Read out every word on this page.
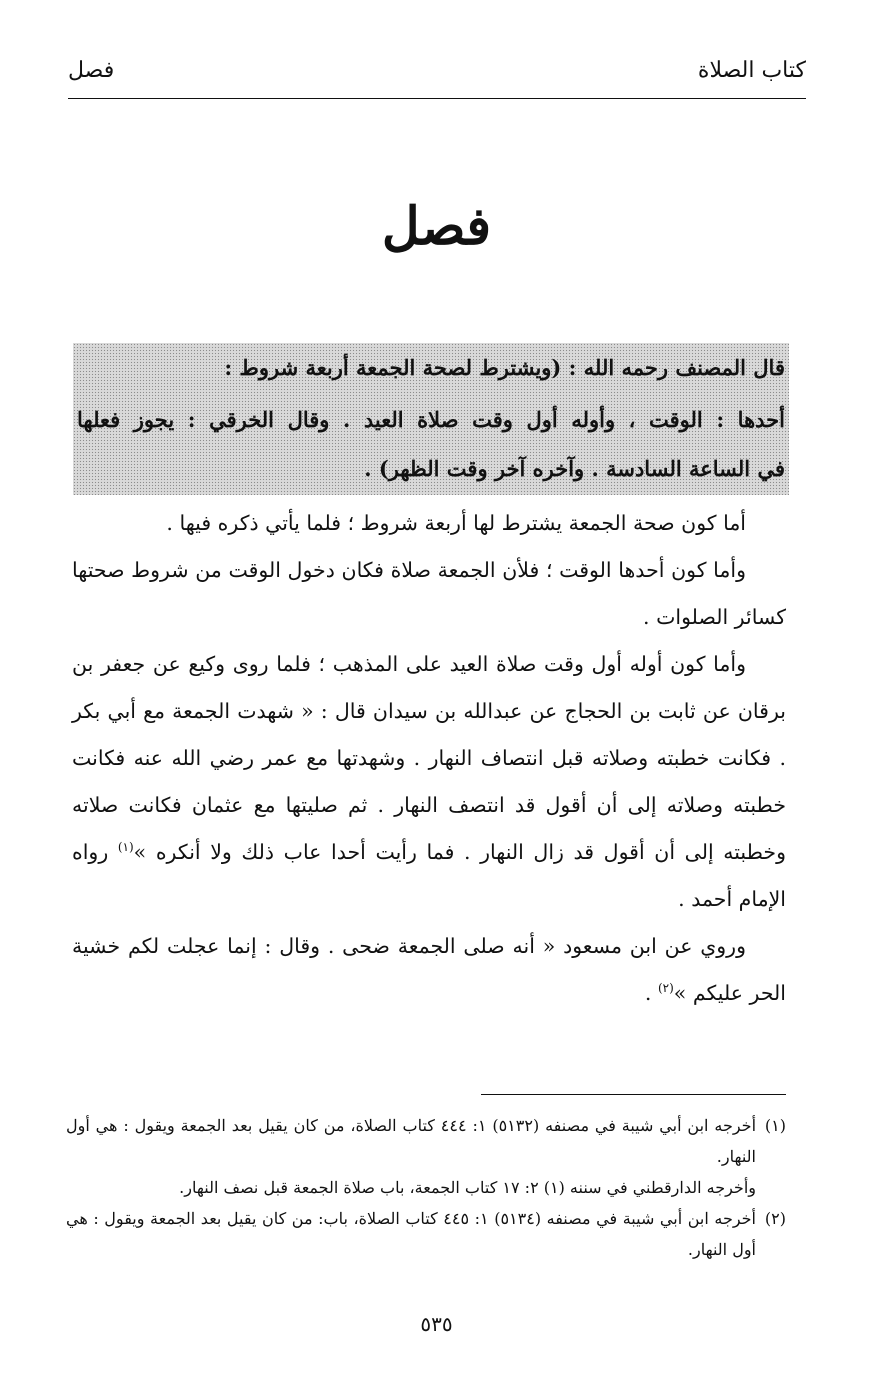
كتاب الصلاة
فصل
فصل
قال المصنف رحمه الله : (ويشترط لصحة الجمعة أربعة شروط :
أحدها : الوقت ، وأوله أول وقت صلاة العيد . وقال الخرقي : يجوز فعلها
في الساعة السادسة . وآخره آخر وقت الظهر) .

أما كون صحة الجمعة يشترط لها أربعة شروط ؛ فلما يأتي ذكره فيها .

وأما كون أحدها الوقت ؛ فلأن الجمعة صلاة فكان دخول الوقت من شروط صحتها كسائر الصلوات .

وأما كون أوله أول وقت صلاة العيد على المذهب ؛ فلما روى وكيع عن جعفر بن برقان عن ثابت بن الحجاج عن عبدالله بن سيدان قال : « شهدت الجمعة مع أبي بكر . فكانت خطبته وصلاته قبل انتصاف النهار . وشهدتها مع عمر رضي الله عنه فكانت خطبته وصلاته إلى أن أقول قد انتصف النهار . ثم صليتها مع عثمان فكانت صلاته وخطبته إلى أن أقول قد زال النهار . فما رأيت أحدا عاب ذلك ولا أنكره »$^{(١)}$ رواه الإمام أحمد .

وروي عن ابن مسعود « أنه صلى الجمعة ضحى . وقال : إنما عجلت لكم خشية الحر عليكم »$^{(٢)}$ .

(١)
أخرجه ابن أبي شيبة في مصنفه (٥١٣٢) ١: ٤٤٤ كتاب الصلاة، من كان يقيل بعد الجمعة ويقول : هي أول النهار.

وأخرجه الدارقطني في سننه (١) ٢: ١٧ كتاب الجمعة، باب صلاة الجمعة قبل نصف النهار.

(٢)
أخرجه ابن أبي شيبة في مصنفه (٥١٣٤) ١: ٤٤٥ كتاب الصلاة، باب: من كان يقيل بعد الجمعة ويقول : هي أول النهار.

٥٣٥
